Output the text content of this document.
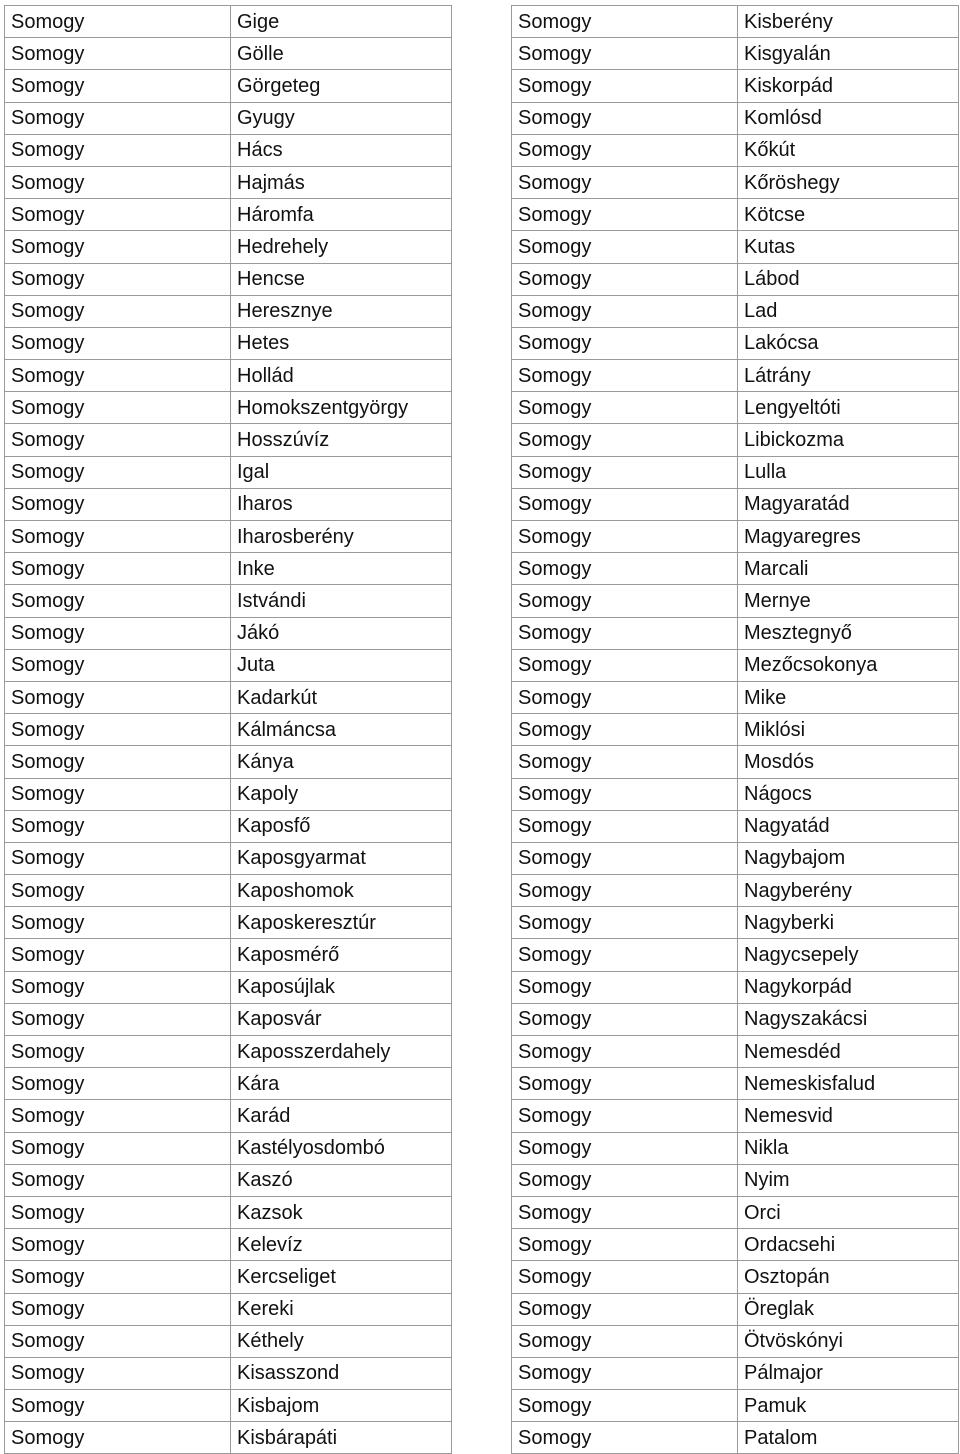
Somogy	Gige
Somogy	Gölle
Somogy	Görgeteg
Somogy	Gyugy
Somogy	Hács
Somogy	Hajmás
Somogy	Háromfa
Somogy	Hedrehely
Somogy	Hencse
Somogy	Heresznye
Somogy	Hetes
Somogy	Hollád
Somogy	Homokszentgyörgy
Somogy	Hosszúvíz
Somogy	Igal
Somogy	Iharos
Somogy	Iharosberény
Somogy	Inke
Somogy	Istvándi
Somogy	Jákó
Somogy	Juta
Somogy	Kadarkút
Somogy	Kálmáncsa
Somogy	Kánya
Somogy	Kapoly
Somogy	Kaposfő
Somogy	Kaposgyarmat
Somogy	Kaposhomok
Somogy	Kaposkeresztúr
Somogy	Kaposmérő
Somogy	Kaposújlak
Somogy	Kaposvár
Somogy	Kaposszerdahely
Somogy	Kára
Somogy	Karád
Somogy	Kastélyosdombó
Somogy	Kaszó
Somogy	Kazsok
Somogy	Kelevíz
Somogy	Kercseliget
Somogy	Kereki
Somogy	Kéthely
Somogy	Kisasszond
Somogy	Kisbajom
Somogy	Kisbárapáti
Somogy	Kisberény
Somogy	Kisgyalán
Somogy	Kiskorpád
Somogy	Komlósd
Somogy	Kőkút
Somogy	Kőröshegy
Somogy	Kötcse
Somogy	Kutas
Somogy	Lábod
Somogy	Lad
Somogy	Lakócsa
Somogy	Látrány
Somogy	Lengyeltóti
Somogy	Libickozma
Somogy	Lulla
Somogy	Magyaratád
Somogy	Magyaregres
Somogy	Marcali
Somogy	Mernye
Somogy	Mesztegnyő
Somogy	Mezőcsokonya
Somogy	Mike
Somogy	Miklósi
Somogy	Mosdós
Somogy	Nágocs
Somogy	Nagyatád
Somogy	Nagybajom
Somogy	Nagyberény
Somogy	Nagyberki
Somogy	Nagycsepely
Somogy	Nagykorpád
Somogy	Nagyszakácsi
Somogy	Nemesdéd
Somogy	Nemeskisfalud
Somogy	Nemesvid
Somogy	Nikla
Somogy	Nyim
Somogy	Orci
Somogy	Ordacsehi
Somogy	Osztopán
Somogy	Öreglak
Somogy	Ötvöskónyi
Somogy	Pálmajor
Somogy	Pamuk
Somogy	Patalom
